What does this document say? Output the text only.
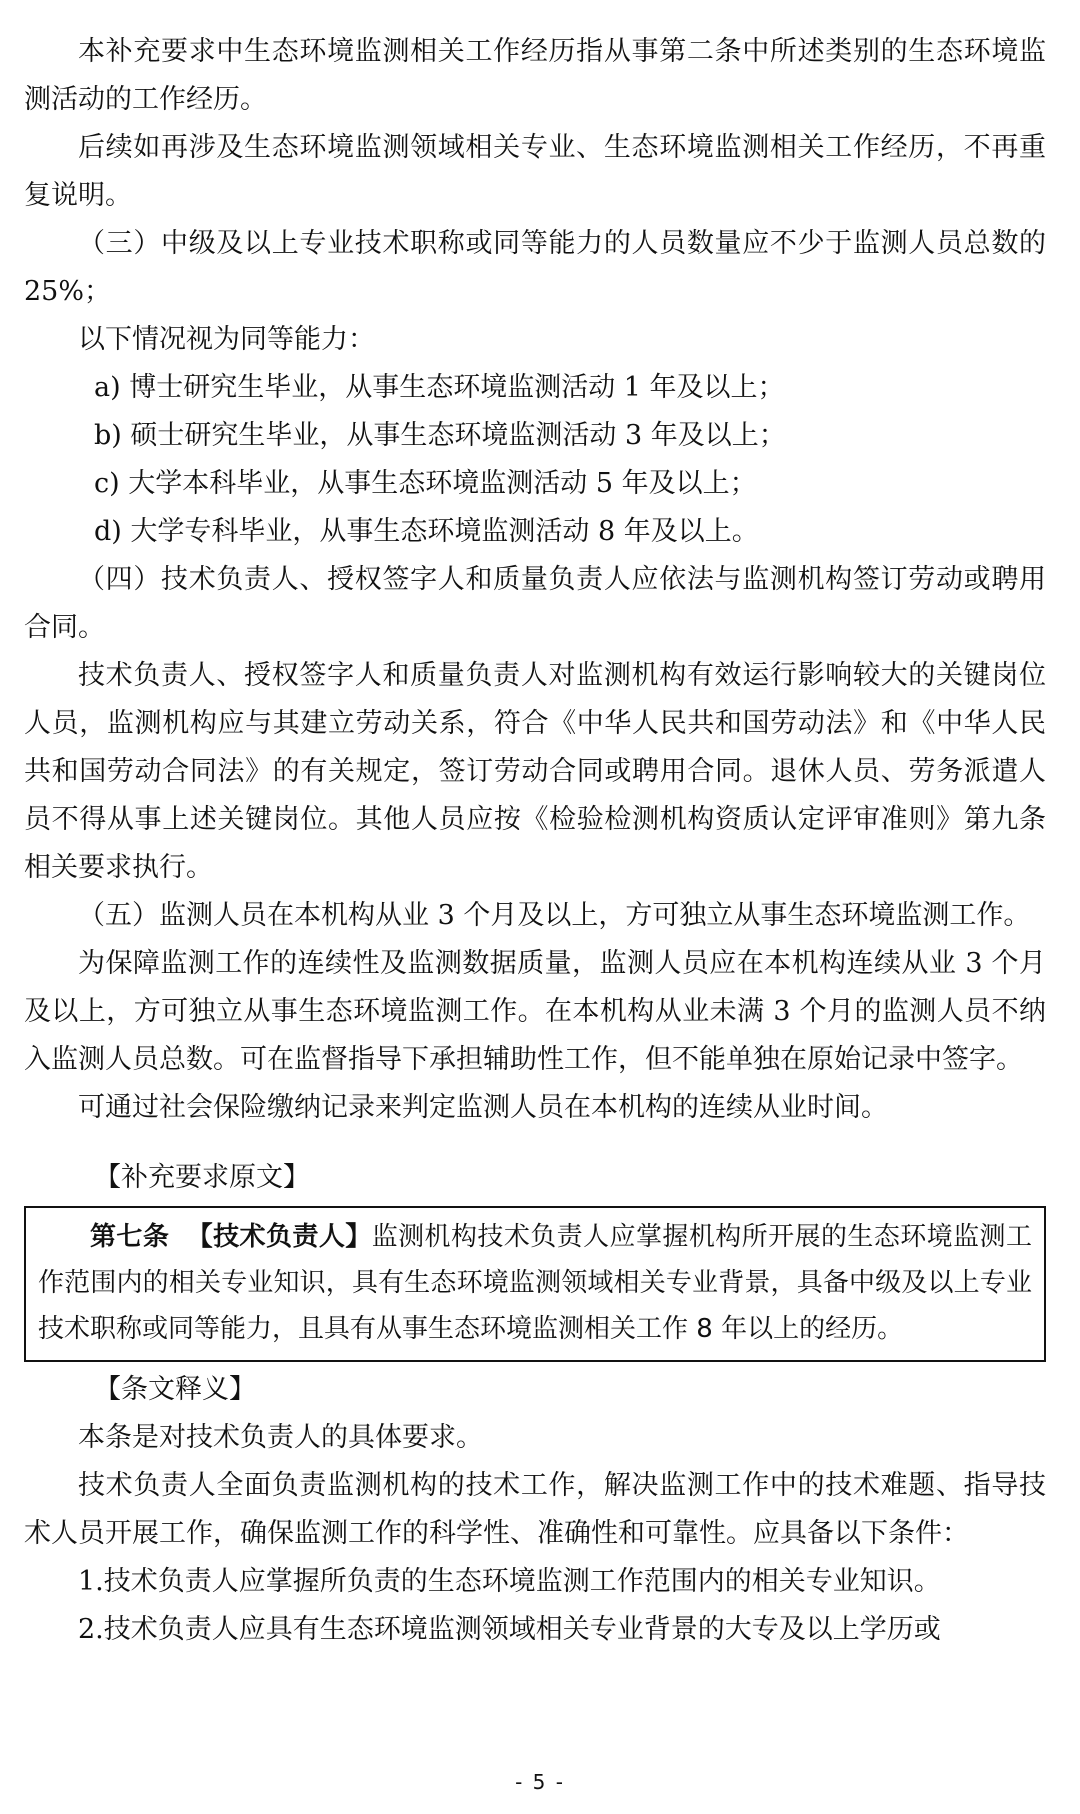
本补充要求中生态环境监测相关工作经历指从事第二条中所述类别的生态环境监测活动的工作经历。

后续如再涉及生态环境监测领域相关专业、生态环境监测相关工作经历，不再重复说明。

（三）中级及以上专业技术职称或同等能力的人员数量应不少于监测人员总数的 25%；

以下情况视为同等能力：

a) 博士研究生毕业，从事生态环境监测活动 1 年及以上；

b) 硕士研究生毕业，从事生态环境监测活动 3 年及以上；

c) 大学本科毕业，从事生态环境监测活动 5 年及以上；

d) 大学专科毕业，从事生态环境监测活动 8 年及以上。

（四）技术负责人、授权签字人和质量负责人应依法与监测机构签订劳动或聘用合同。

技术负责人、授权签字人和质量负责人对监测机构有效运行影响较大的关键岗位人员，监测机构应与其建立劳动关系，符合《中华人民共和国劳动法》和《中华人民共和国劳动合同法》的有关规定，签订劳动合同或聘用合同。退休人员、劳务派遣人员不得从事上述关键岗位。其他人员应按《检验检测机构资质认定评审准则》第九条相关要求执行。

（五）监测人员在本机构从业 3 个月及以上，方可独立从事生态环境监测工作。

为保障监测工作的连续性及监测数据质量，监测人员应在本机构连续从业 3 个月及以上，方可独立从事生态环境监测工作。在本机构从业未满 3 个月的监测人员不纳入监测人员总数。可在监督指导下承担辅助性工作，但不能单独在原始记录中签字。

可通过社会保险缴纳记录来判定监测人员在本机构的连续从业时间。

【补充要求原文】

第七条 【技术负责人】监测机构技术负责人应掌握机构所开展的生态环境监测工作范围内的相关专业知识，具有生态环境监测领域相关专业背景，具备中级及以上专业技术职称或同等能力，且具有从事生态环境监测相关工作 8 年以上的经历。

【条文释义】

本条是对技术负责人的具体要求。

技术负责人全面负责监测机构的技术工作，解决监测工作中的技术难题、指导技术人员开展工作，确保监测工作的科学性、准确性和可靠性。应具备以下条件：

1.技术负责人应掌握所负责的生态环境监测工作范围内的相关专业知识。

2.技术负责人应具有生态环境监测领域相关专业背景的大专及以上学历或

- 5 -
